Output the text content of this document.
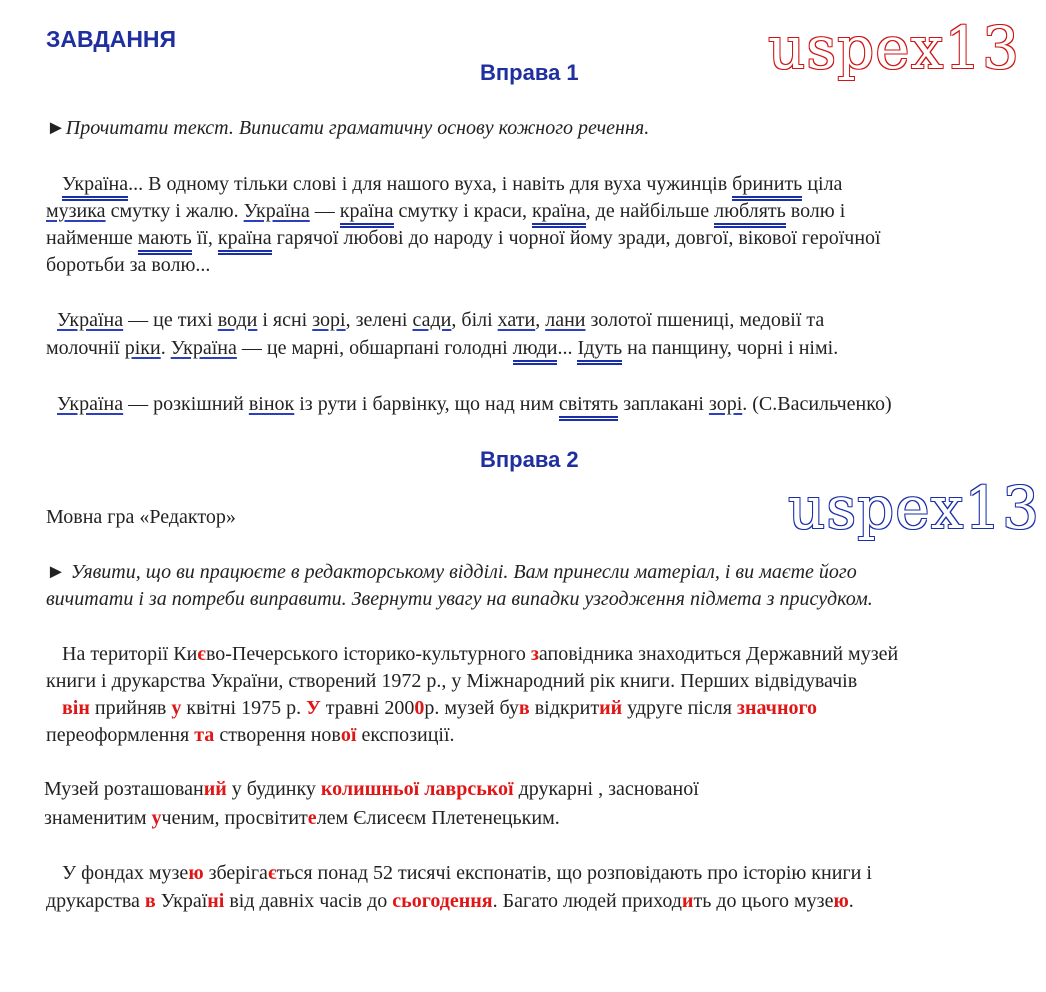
ЗАВДАННЯ
Вправа 1	uspex13
►Прочитати текст. Виписати граматичну основу кожного речення.
Україна... В одному тільки слові і для нашого вуха, і навіть для вуха чужинців бринить ціла
музика смутку і жалю. Україна — країна смутку і краси, країна, де найбільше люблять волю і
найменше мають її, країна гарячої любові до народу і чорної йому зради, довгої, вікової героїчної
боротьби за волю...
Україна — це тихі води і ясні зорі, зелені сади, білі хати, лани золотої пшениці, медовії та
молочнії ріки. Україна — це марні, обшарпані голодні люди... Ідуть на панщину, чорні і німі.
Україна — розкішний вінок із рути і барвінку, що над ним світять заплакані зорі. (С.Васильченко)
Вправа 2
uspex13
Мовна гра «Редактор»
► Уявити, що ви працюєте в редакторському відділі. Вам принесли матеріал, і ви маєте його
вичитати і за потреби виправити. Звернути увагу на випадки узгодження підмета з присудком.
На території Києво-Печерського історико-культурного заповідника знаходиться Державний музей
книги і друкарства України, створений 1972 р., у Міжнародний рік книги. Перших відвідувачів
він прийняв у квітні 1975 р. У травні 2000р. музей був відкритий удруге після значного
переоформлення та створення нової експозиції.
Музей розташований у будинку колишньої лаврської друкарні , заснованої
знаменитим ученим, просвітителем Єлисеєм Плетенецьким.
У фондах музею зберігається понад 52 тисячі експонатів, що розповідають про історію книги і
друкарства в Україні від давніх часів до сьогодення. Багато людей приходить до цього музею.
